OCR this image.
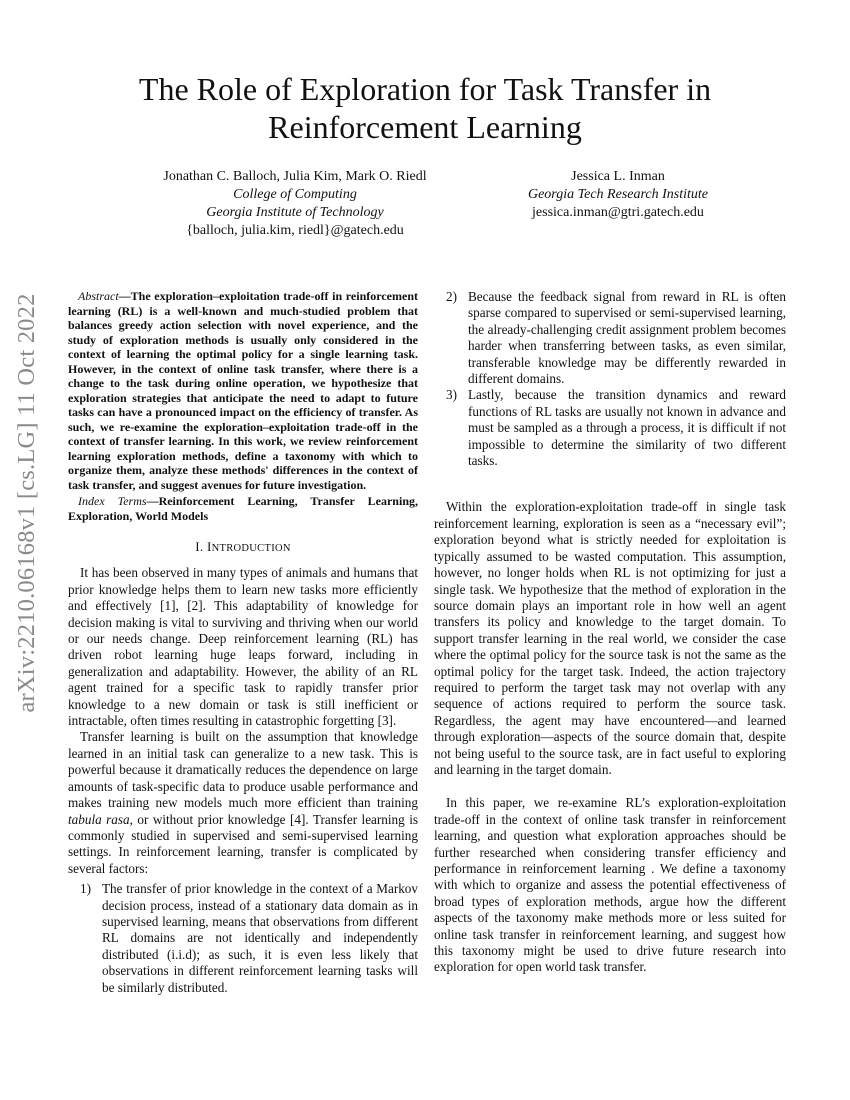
arXiv:2210.06168v1 [cs.LG] 11 Oct 2022
The Role of Exploration for Task Transfer in Reinforcement Learning
Jonathan C. Balloch, Julia Kim, Mark O. Riedl
College of Computing
Georgia Institute of Technology
{balloch, julia.kim, riedl}@gatech.edu
Jessica L. Inman
Georgia Tech Research Institute
jessica.inman@gtri.gatech.edu

Abstract—The exploration–exploitation trade-off in reinforcement learning (RL) is a well-known and much-studied problem that balances greedy action selection with novel experience, and the study of exploration methods is usually only considered in the context of learning the optimal policy for a single learning task. However, in the context of online task transfer, where there is a change to the task during online operation, we hypothesize that exploration strategies that anticipate the need to adapt to future tasks can have a pronounced impact on the efficiency of transfer. As such, we re-examine the exploration–exploitation trade-off in the context of transfer learning. In this work, we review reinforcement learning exploration methods, define a taxonomy with which to organize them, analyze these methods' differences in the context of task transfer, and suggest avenues for future investigation.

Index Terms—Reinforcement Learning, Transfer Learning, Exploration, World Models

I. INTRODUCTION

It has been observed in many types of animals and humans that prior knowledge helps them to learn new tasks more efficiently and effectively [1], [2]. This adaptability of knowledge for decision making is vital to surviving and thriving when our world or our needs change. Deep reinforcement learning (RL) has driven robot learning huge leaps forward, including in generalization and adaptability. However, the ability of an RL agent trained for a specific task to rapidly transfer prior knowledge to a new domain or task is still inefficient or intractable, often times resulting in catastrophic forgetting [3].

Transfer learning is built on the assumption that knowledge learned in an initial task can generalize to a new task. This is powerful because it dramatically reduces the dependence on large amounts of task-specific data to produce usable performance and makes training new models much more efficient than training tabula rasa, or without prior knowledge [4]. Transfer learning is commonly studied in supervised and semi-supervised learning settings. In reinforcement learning, transfer is complicated by several factors:

1) The transfer of prior knowledge in the context of a Markov decision process, instead of a stationary data domain as in supervised learning, means that observations from different RL domains are not identically and independently distributed (i.i.d); as such, it is even less likely that observations in different reinforcement learning tasks will be similarly distributed.
2) Because the feedback signal from reward in RL is often sparse compared to supervised or semi-supervised learning, the already-challenging credit assignment problem becomes harder when transferring between tasks, as even similar, transferable knowledge may be differently rewarded in different domains.
3) Lastly, because the transition dynamics and reward functions of RL tasks are usually not known in advance and must be sampled as a through a process, it is difficult if not impossible to determine the similarity of two different tasks.

Within the exploration-exploitation trade-off in single task reinforcement learning, exploration is seen as a “necessary evil”; exploration beyond what is strictly needed for exploitation is typically assumed to be wasted computation. This assumption, however, no longer holds when RL is not optimizing for just a single task. We hypothesize that the method of exploration in the source domain plays an important role in how well an agent transfers its policy and knowledge to the target domain. To support transfer learning in the real world, we consider the case where the optimal policy for the source task is not the same as the optimal policy for the target task. Indeed, the action trajectory required to perform the target task may not overlap with any sequence of actions required to perform the source task. Regardless, the agent may have encountered—and learned through exploration—aspects of the source domain that, despite not being useful to the source task, are in fact useful to exploring and learning in the target domain.

In this paper, we re-examine RL’s exploration-exploitation trade-off in the context of online task transfer in reinforcement learning, and question what exploration approaches should be further researched when considering transfer efficiency and performance in reinforcement learning . We define a taxonomy with which to organize and assess the potential effectiveness of broad types of exploration methods, argue how the different aspects of the taxonomy make methods more or less suited for online task transfer in reinforcement learning, and suggest how this taxonomy might be used to drive future research into exploration for open world task transfer.
